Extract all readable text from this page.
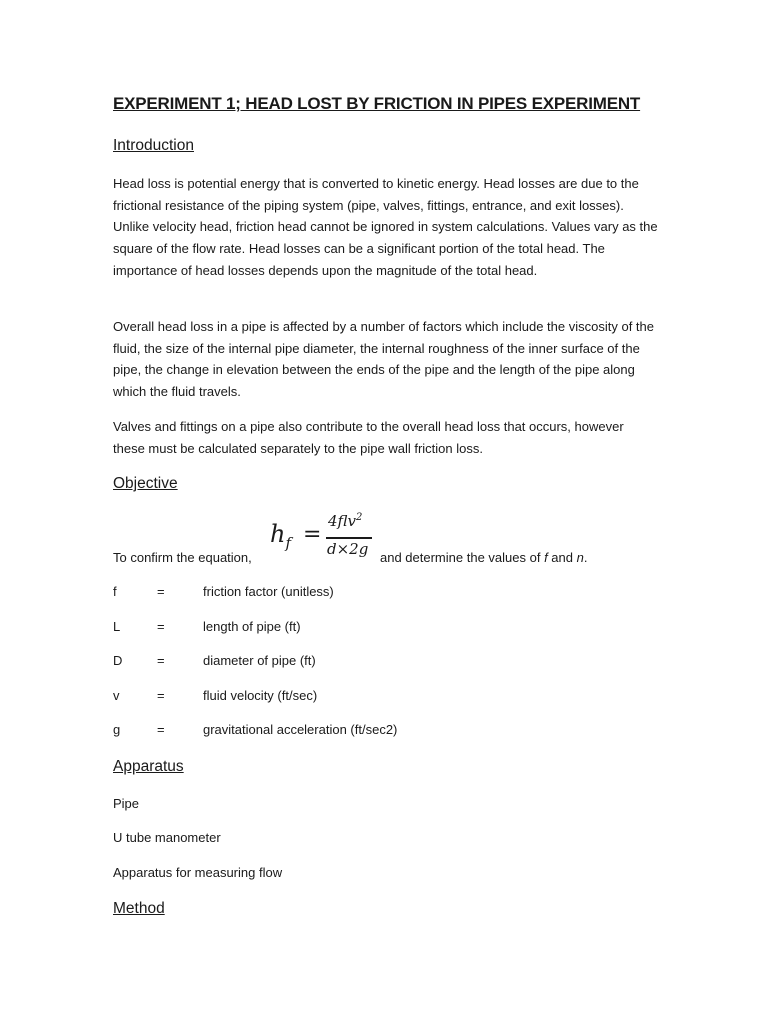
EXPERIMENT 1; HEAD LOST BY FRICTION IN PIPES EXPERIMENT
Introduction

Head loss is potential energy that is converted to kinetic energy. Head losses are due to the frictional resistance of the piping system (pipe, valves, fittings, entrance, and exit losses). Unlike velocity head, friction head cannot be ignored in system calculations. Values vary as the square of the flow rate. Head losses can be a significant portion of the total head. The importance of head losses depends upon the magnitude of the total head.

Overall head loss in a pipe is affected by a number of factors which include the viscosity of the fluid, the size of the internal pipe diameter, the internal roughness of the inner surface of the pipe, the change in elevation between the ends of the pipe and the length of the pipe along which the fluid travels.

Valves and fittings on a pipe also contribute to the overall head loss that occurs, however these must be calculated separately to the pipe wall friction loss.

Objective

To confirm the equation,

$h_f$ =
4flv$^2$
d×2g and determine the values of f and n.

f	=	friction factor (unitless)
L	=	length of pipe (ft)
D	=	diameter of pipe (ft)
v	=	fluid velocity (ft/sec)
g	=	gravitational acceleration (ft/sec2)
Apparatus

Pipe

U tube manometer

Apparatus for measuring flow

Method
